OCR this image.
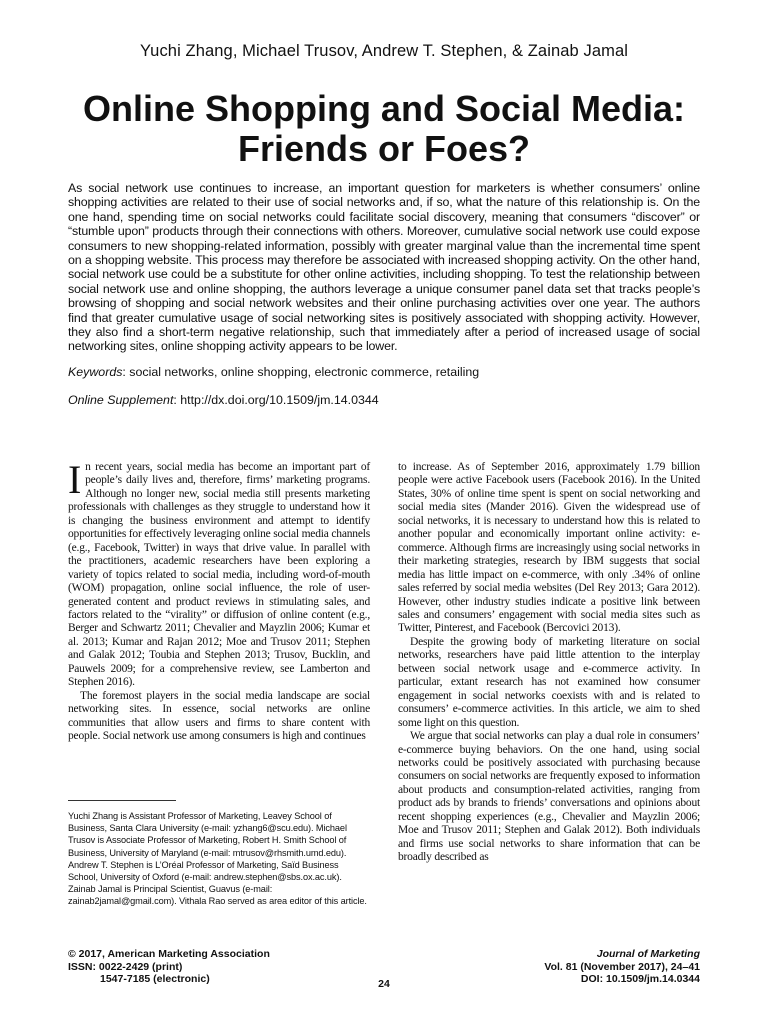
Yuchi Zhang, Michael Trusov, Andrew T. Stephen, & Zainab Jamal
Online Shopping and Social Media:
Friends or Foes?

As social network use continues to increase, an important question for marketers is whether consumers’ online shopping activities are related to their use of social networks and, if so, what the nature of this relationship is. On the one hand, spending time on social networks could facilitate social discovery, meaning that consumers “discover” or “stumble upon” products through their connections with others. Moreover, cumulative social network use could expose consumers to new shopping-related information, possibly with greater marginal value than the incremental time spent on a shopping website. This process may therefore be associated with increased shopping activity. On the other hand, social network use could be a substitute for other online activities, including shopping. To test the relationship between social network use and online shopping, the authors leverage a unique consumer panel data set that tracks people’s browsing of shopping and social network websites and their online purchasing activities over one year. The authors find that greater cumulative usage of social networking sites is positively associated with shopping activity. However, they also find a short-term negative relationship, such that immediately after a period of increased usage of social networking sites, online shopping activity appears to be lower.

Keywords: social networks, online shopping, electronic commerce, retailing

Online Supplement: http://dx.doi.org/10.1509/jm.14.0344

In recent years, social media has become an important part of people’s daily lives and, therefore, firms’ marketing programs. Although no longer new, social media still presents marketing professionals with challenges as they struggle to understand how it is changing the business environment and attempt to identify opportunities for effectively leveraging online social media channels (e.g., Facebook, Twitter) in ways that drive value. In parallel with the practitioners, academic researchers have been exploring a variety of topics related to social media, including word-of-mouth (WOM) propagation, online social influence, the role of user-generated content and product reviews in stimulating sales, and factors related to the “virality” or diffusion of online content (e.g., Berger and Schwartz 2011; Chevalier and Mayzlin 2006; Kumar et al. 2013; Kumar and Rajan 2012; Moe and Trusov 2011; Stephen and Galak 2012; Toubia and Stephen 2013; Trusov, Bucklin, and Pauwels 2009; for a comprehensive review, see Lamberton and Stephen 2016).

The foremost players in the social media landscape are social networking sites. In essence, social networks are online communities that allow users and firms to share content with people. Social network use among consumers is high and continues

to increase. As of September 2016, approximately 1.79 billion people were active Facebook users (Facebook 2016). In the United States, 30% of online time spent is spent on social networking and social media sites (Mander 2016). Given the widespread use of social networks, it is necessary to understand how this is related to another popular and economically important online activity: e-commerce. Although firms are increasingly using social networks in their marketing strategies, research by IBM suggests that social media has little impact on e-commerce, with only .34% of online sales referred by social media websites (Del Rey 2013; Gara 2012). However, other industry studies indicate a positive link between sales and consumers’ engagement with social media sites such as Twitter, Pinterest, and Facebook (Bercovici 2013).

Despite the growing body of marketing literature on social networks, researchers have paid little attention to the interplay between social network usage and e-commerce activity. In particular, extant research has not examined how consumer engagement in social networks coexists with and is related to consumers’ e-commerce activities. In this article, we aim to shed some light on this question.

We argue that social networks can play a dual role in consumers’ e-commerce buying behaviors. On the one hand, using social networks could be positively associated with purchasing because consumers on social networks are frequently exposed to information about products and consumption-related activities, ranging from product ads by brands to friends’ conversations and opinions about recent shopping experiences (e.g., Chevalier and Mayzlin 2006; Moe and Trusov 2011; Stephen and Galak 2012). Both individuals and firms use social networks to share information that can be broadly described as

Yuchi Zhang is Assistant Professor of Marketing, Leavey School of Business, Santa Clara University (e-mail: yzhang6@scu.edu). Michael Trusov is Associate Professor of Marketing, Robert H. Smith School of Business, University of Maryland (e-mail: mtrusov@rhsmith.umd.edu). Andrew T. Stephen is L’Oréal Professor of Marketing, Saïd Business School, University of Oxford (e-mail: andrew.stephen@sbs.ox.ac.uk). Zainab Jamal is Principal Scientist, Guavus (e-mail: zainab2jamal@gmail.com). Vithala Rao served as area editor of this article.

© 2017, American Marketing Association
ISSN: 0022-2429 (print)
1547-7185 (electronic)	24
Journal of Marketing
Vol. 81 (November 2017), 24–41
DOI: 10.1509/jm.14.0344
